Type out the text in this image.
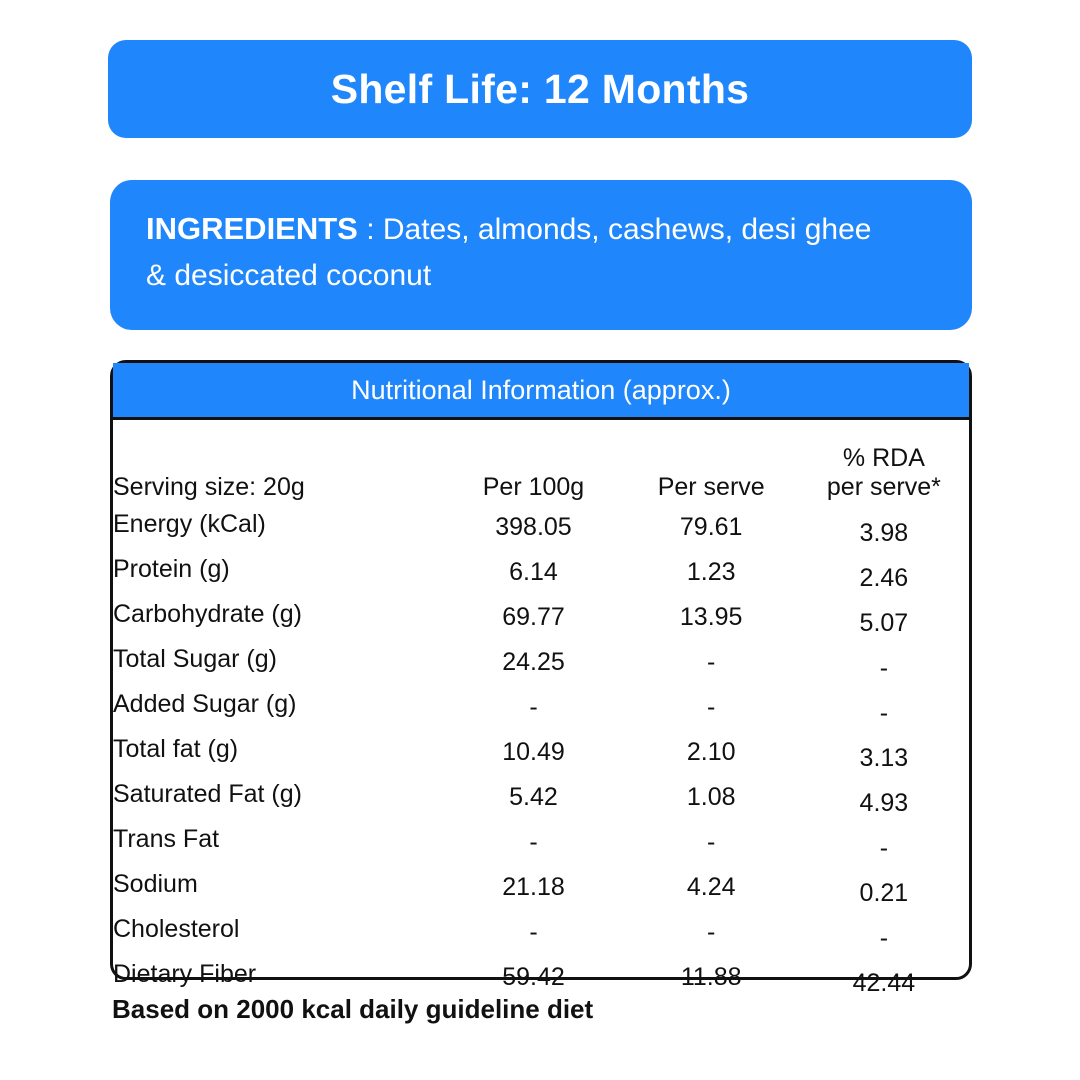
Shelf Life: 12 Months
INGREDIENTS : Dates, almonds, cashews, desi ghee
& desiccated coconut
Nutritional Information (approx.)
Serving size: 20g	Per 100g	Per serve	% RDA
per serve*

Energy (kCal)	398.05	79.61	3.98
Protein (g)	6.14	1.23	2.46
Carbohydrate (g)	69.77	13.95	5.07
Total Sugar (g)	24.25	-	-
Added Sugar (g)	-	-	-
Total fat (g)	10.49	2.10	3.13
Saturated Fat (g)	5.42	1.08	4.93
Trans Fat	-	-	-
Sodium	21.18	4.24	0.21
Cholesterol	-	-	-
Dietary Fiber	59.42	11.88	42.44
Based on 2000 kcal daily guideline diet
